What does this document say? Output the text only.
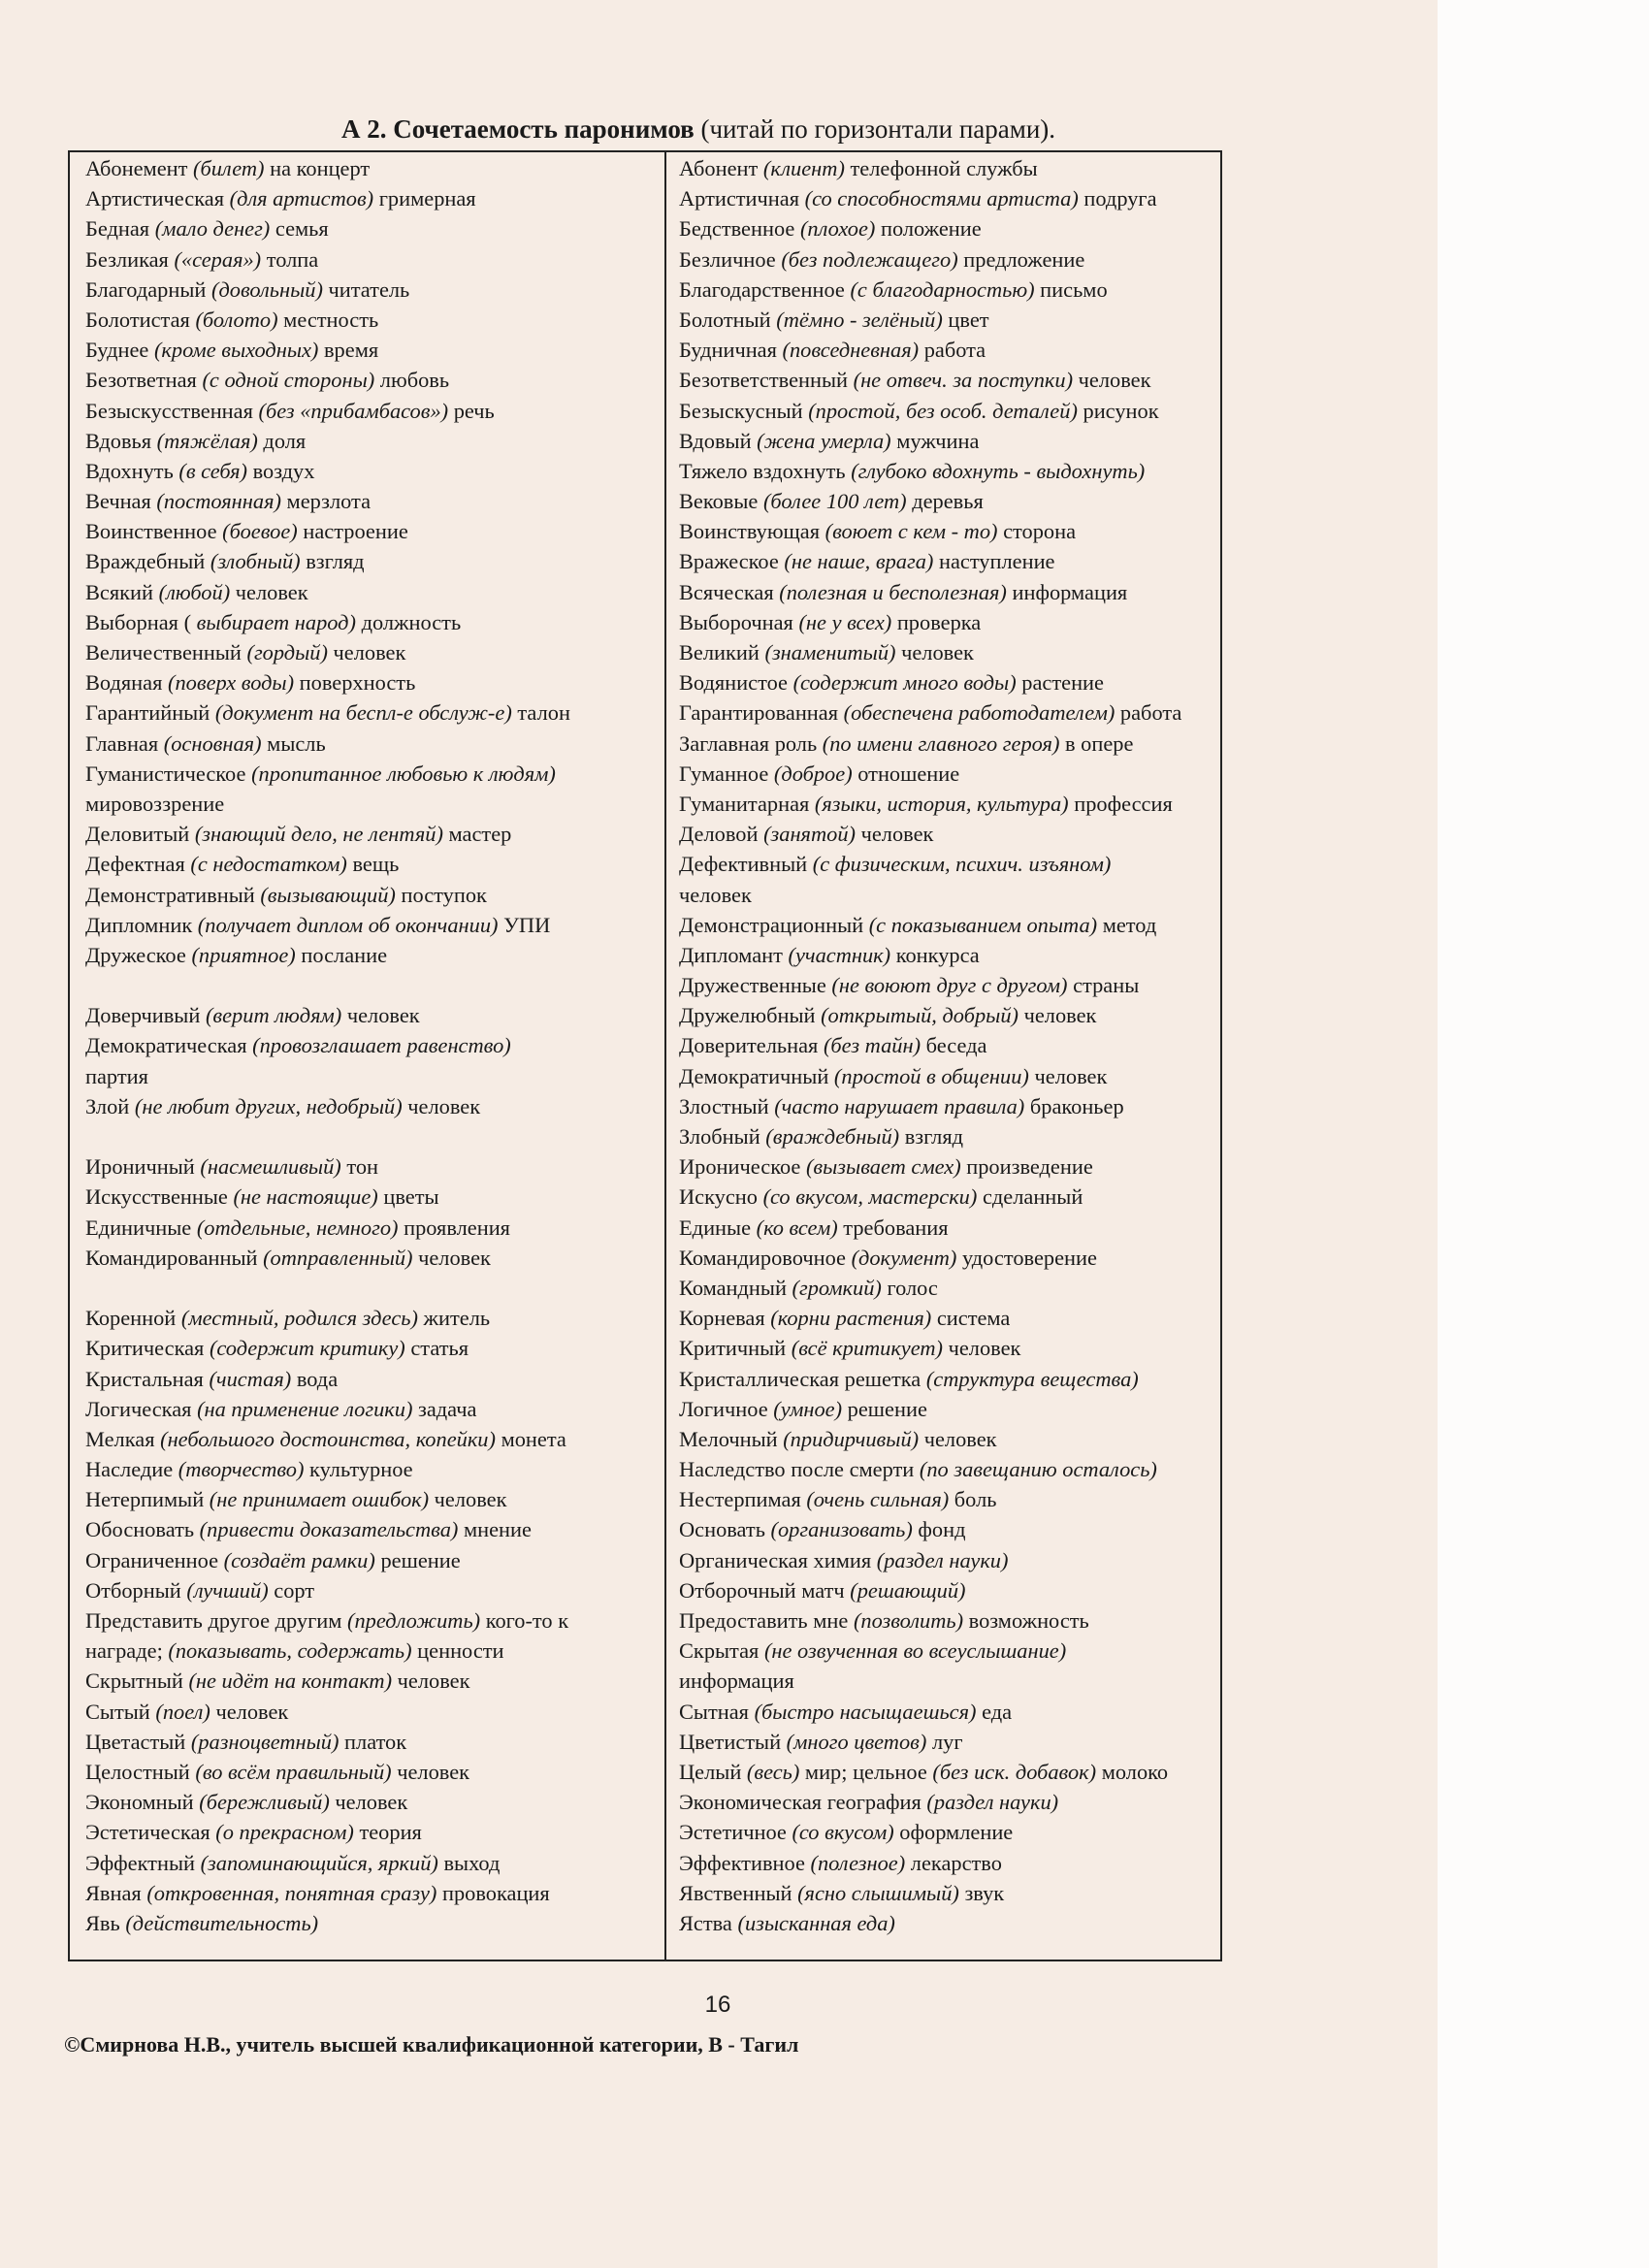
А 2. Сочетаемость паронимов (читай по горизонтали парами).
Абонемент (билет) на концерт
Артистическая (для артистов) гримерная
Бедная (мало денег) семья
Безликая («серая») толпа
Благодарный (довольный) читатель
Болотистая (болото) местность
Буднее (кроме выходных) время
Безответная (с одной стороны) любовь
Безыскусственная (без «прибамбасов») речь
Вдовья (тяжёлая) доля
Вдохнуть (в себя) воздух
Вечная (постоянная) мерзлота
Воинственное (боевое) настроение
Враждебный (злобный) взгляд
Всякий (любой) человек
Выборная ( выбирает народ) должность
Величественный (гордый) человек
Водяная (поверх воды) поверхность
Гарантийный (документ на беспл-е обслуж-е) талон
Главная (основная) мысль
Гуманистическое (пропитанное любовью к людям)
мировоззрение
Деловитый (знающий дело, не лентяй) мастер
Дефектная (с недостатком) вещь
Демонстративный (вызывающий) поступок
Дипломник (получает диплом об окончании) УПИ
Дружеское (приятное) послание
Доверчивый (верит людям) человек
Демократическая (провозглашает равенство)
партия
Злой (не любит других, недобрый) человек
Ироничный (насмешливый) тон
Искусственные (не настоящие) цветы
Единичные (отдельные, немного) проявления
Командированный (отправленный) человек
Коренной (местный, родился здесь) житель
Критическая (содержит критику) статья
Кристальная (чистая) вода
Логическая (на применение логики) задача
Мелкая (небольшого достоинства, копейки) монета
Наследие (творчество) культурное
Нетерпимый (не принимает ошибок) человек
Обосновать (привести доказательства) мнение
Ограниченное (создаёт рамки) решение
Отборный (лучший) сорт
Представить другое другим (предложить) кого-то к
награде; (показывать, содержать) ценности
Скрытный (не идёт на контакт) человек
Сытый (поел) человек
Цветастый (разноцветный) платок
Целостный (во всём правильный) человек
Экономный (бережливый) человек
Эстетическая (о прекрасном) теория
Эффектный (запоминающийся, яркий) выход
Явная (откровенная, понятная сразу) провокация
Явь (действительность)
Абонент (клиент) телефонной службы
Артистичная (со способностями артиста) подруга
Бедственное (плохое) положение
Безличное (без подлежащего) предложение
Благодарственное (с благодарностью) письмо
Болотный (тёмно - зелёный) цвет
Будничная (повседневная) работа
Безответственный (не отвеч. за поступки) человек
Безыскусный (простой, без особ. деталей) рисунок
Вдовый (жена умерла) мужчина
Тяжело вздохнуть (глубоко вдохнуть - выдохнуть)
Вековые (более 100 лет) деревья
Воинствующая (воюет с кем - то) сторона
Вражеское (не наше, врага) наступление
Всяческая (полезная и бесполезная) информация
Выборочная (не у всех) проверка
Великий (знаменитый) человек
Водянистое (содержит много воды) растение
Гарантированная (обеспечена работодателем) работа
Заглавная роль (по имени главного героя) в опере
Гуманное (доброе) отношение
Гуманитарная (языки, история, культура) профессия
Деловой (занятой) человек
Дефективный (с физическим, психич. изъяном)
человек
Демонстрационный (с показыванием опыта) метод
Дипломант (участник) конкурса
Дружественные (не воюют друг с другом) страны
Дружелюбный (открытый, добрый) человек
Доверительная (без тайн) беседа
Демократичный (простой в общении) человек
Злостный (часто нарушает правила) браконьер
Злобный (враждебный) взгляд
Ироническое (вызывает смех) произведение
Искусно (со вкусом, мастерски) сделанный
Единые (ко всем) требования
Командировочное (документ) удостоверение
Командный (громкий) голос
Корневая (корни растения) система
Критичный (всё критикует) человек
Кристаллическая решетка (структура вещества)
Логичное (умное) решение
Мелочный (придирчивый) человек
Наследство после смерти (по завещанию осталось)
Нестерпимая (очень сильная) боль
Основать (организовать) фонд
Органическая химия (раздел науки)
Отборочный матч (решающий)
Предоставить мне (позволить) возможность
Скрытая (не озвученная во всеуслышание)
информация
Сытная (быстро насыщаешься) еда
Цветистый (много цветов) луг
Целый (весь) мир; цельное (без иск. добавок) молоко
Экономическая география (раздел науки)
Эстетичное (со вкусом) оформление
Эффективное (полезное) лекарство
Явственный (ясно слышимый) звук
Яства (изысканная еда)
16
©Смирнова Н.В., учитель высшей квалификационной категории, В - Тагил
